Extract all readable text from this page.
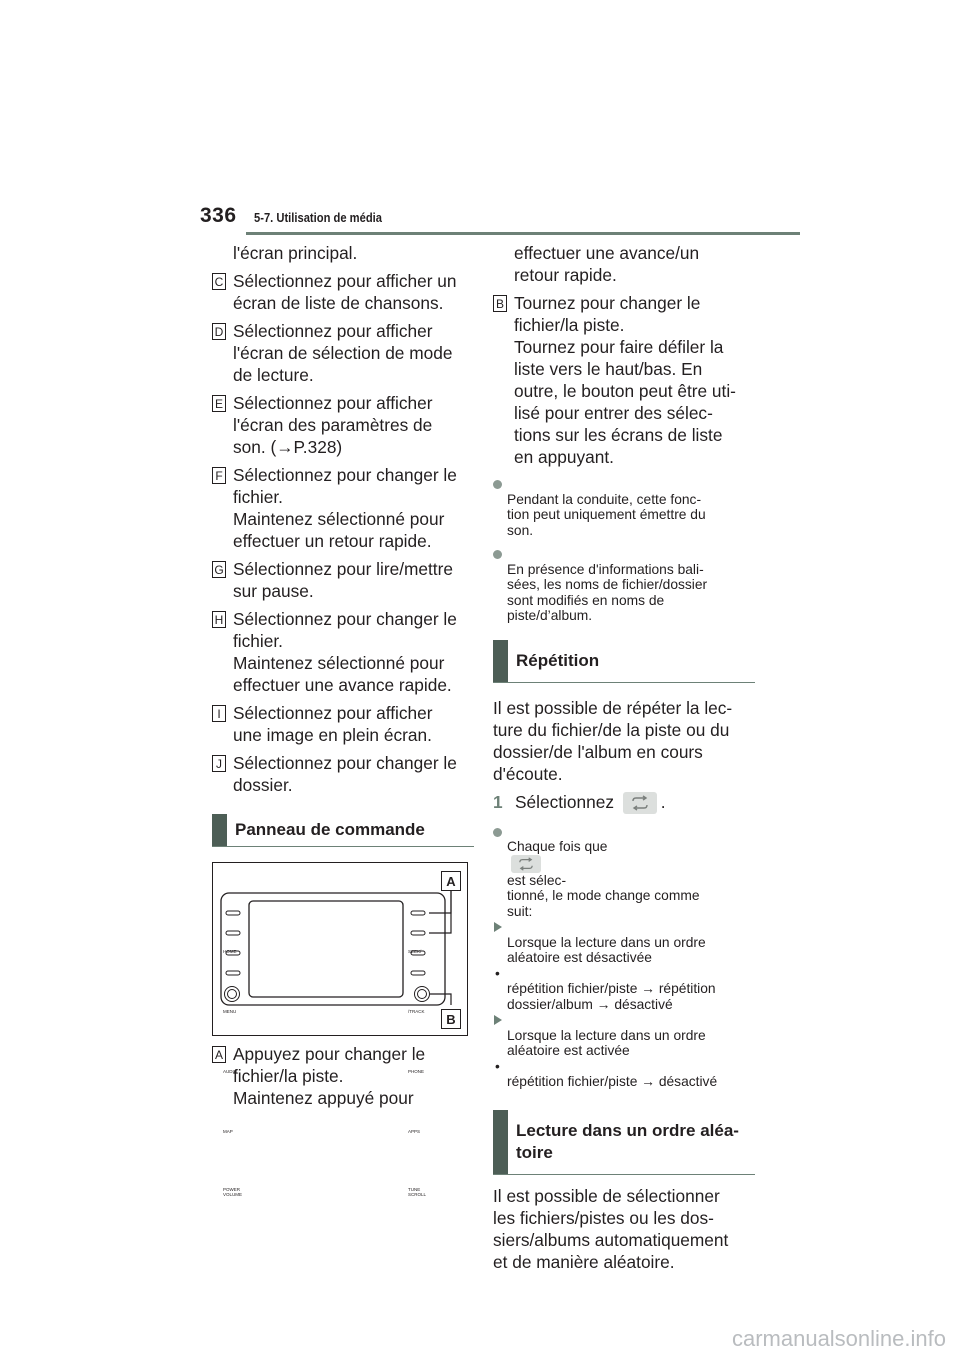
336 5-7. Utilisation de média
l'écran principal.
C Sélectionnez pour afficher un
écran de liste de chansons.
D Sélectionnez pour afficher
l'écran de sélection de mode
de lecture.
E Sélectionnez pour afficher
l'écran des paramètres de
son. (→P.328)
F Sélectionnez pour changer le
fichier.
Maintenez sélectionné pour
effectuer un retour rapide.
G Sélectionnez pour lire/mettre
sur pause.
H Sélectionnez pour changer le
fichier.
Maintenez sélectionné pour
effectuer une avance rapide.
I Sélectionnez pour afficher
une image en plein écran.
J Sélectionnez pour changer le
dossier.
Panneau de commande

HOME

MENU

AUDIO

MAP

POWER
VOLUME

SEEK/

/TRACK

PHONE

APPS

TUNE
SCROLL

A
B
A Appuyez pour changer le
fichier/la piste.
Maintenez appuyé pour
effectuer une avance/un
retour rapide.
B Tournez pour changer le
fichier/la piste.
Tournez pour faire défiler la
liste vers le haut/bas. En
outre, le bouton peut être uti-
lisé pour entrer des sélec-
tions sur les écrans de liste
en appuyant.

Pendant la conduite, cette fonc-
tion peut uniquement émettre du
son.

En présence d'informations bali-
sées, les noms de fichier/dossier
sont modifiés en noms de
piste/d’album.

Répétition
Il est possible de répéter la lec-
ture du fichier/de la piste ou du
dossier/de l'album en cours
d'écoute.
1 Sélectionnez	.

Chaque fois que

est sélec-
tionné, le mode change comme
suit:

Lorsque la lecture dans un ordre
aléatoire est désactivée

•
répétition fichier/piste → répétition
dossier/album → désactivé

Lorsque la lecture dans un ordre
aléatoire est activée

•
répétition fichier/piste → désactivé

Lecture dans un ordre aléa-
toire
Il est possible de sélectionner
les fichiers/pistes ou les dos-
siers/albums automatiquement
et de manière aléatoire.
carmanualsonline.info
